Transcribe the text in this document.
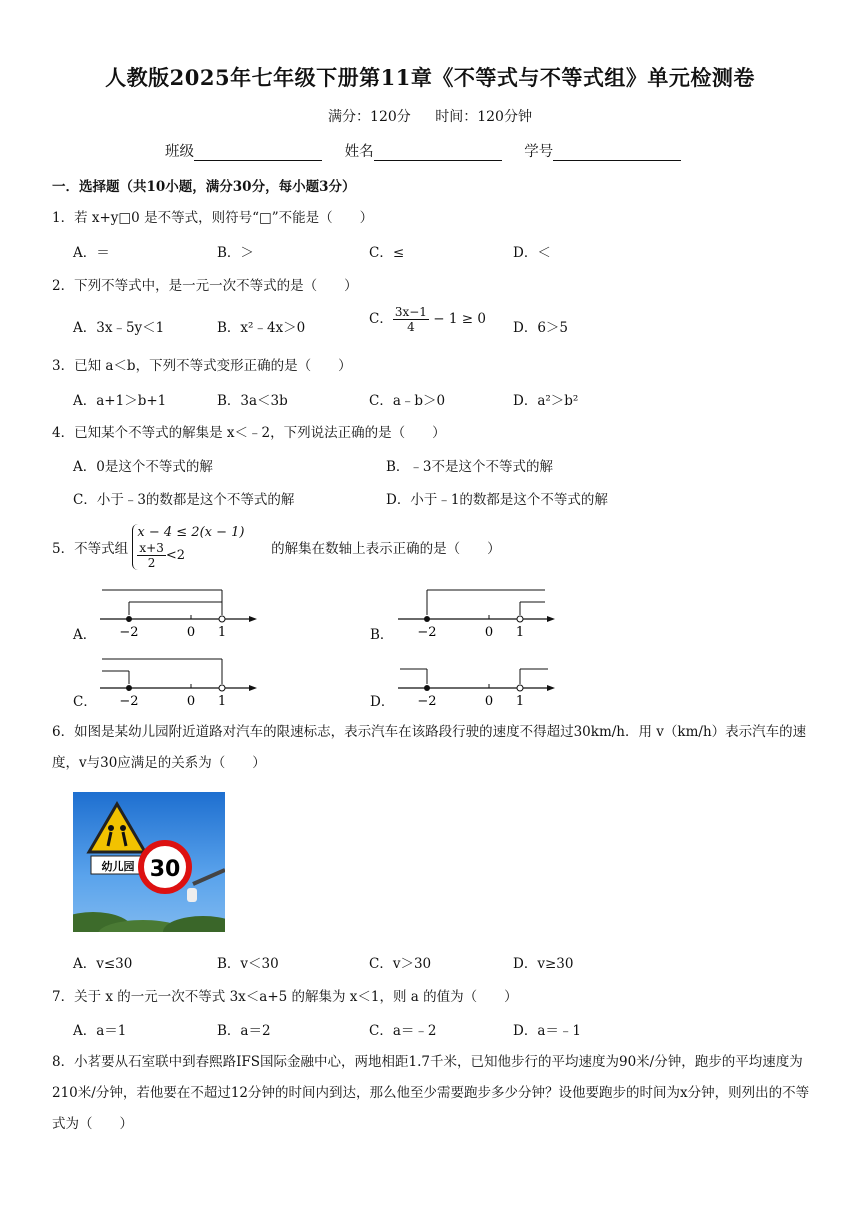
人教版2025年七年级下册第11章《不等式与不等式组》单元检测卷
满分：120分 时间：120分钟
班级	姓名	学号
一．选择题（共10小题，满分30分，每小题3分）
1．若 x+y□0 是不等式，则符号“□”不能是（　　）
A．＝	B．＞	C．≤	D．＜
2．下列不等式中，是一元一次不等式的是（　　）
A．3x﹣5y＜1	B．x²﹣4x＞0
C． $\frac{3x-1}{4} - 1 \ge 0$
D．6＞5
3．已知 a＜b，下列不等式变形正确的是（　　）
A．a+1＞b+1	B．3a＜3b	C．a﹣b＞0	D．a²＞b²
4．已知某个不等式的解集是 x＜﹣2，下列说法正确的是（　　）
A．0是这个不等式的解	B．﹣3不是这个不等式的解
C．小于﹣3的数都是这个不等式的解	D．小于﹣1的数都是这个不等式的解
5．不等式组
x − 4 ≤ 2(x − 1)
$\frac{x+3}{2} <2$	的解集在数轴上表示正确的是（　　）
A．	B．
C．	D．
−2	0 1	−2	0 1
−2	0 1	−2	0 1
6．如图是某幼儿园附近道路对汽车的限速标志，表示汽车在该路段行驶的速度不得超过30km/h．用 v（km/h）表示汽车的速度，v与30应满足的关系为（　　）
幼儿园 30
A．v≤30	B．v＜30	C．v＞30	D．v≥30
7．关于 x 的一元一次不等式 3x＜a+5 的解集为 x＜1，则 a 的值为（　　）
A．a＝1	B．a＝2	C．a＝﹣2	D．a＝﹣1
8．小茗要从石室联中到春熙路IFS国际金融中心，两地相距1.7千米，已知他步行的平均速度为90米/分钟，跑步的平均速度为210米/分钟，若他要在不超过12分钟的时间内到达，那么他至少需要跑步多少分钟？设他要跑步的时间为x分钟，则列出的不等式为（　　）
